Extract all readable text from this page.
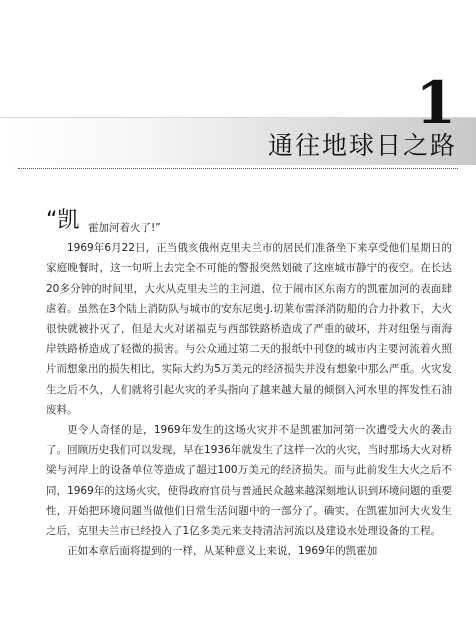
1
通往地球日之路
“凯 霍加河着火了!”

1969年6月22日，正当俄亥俄州克里夫兰市的居民们准备坐下来享受他们星期日的家庭晚餐时，这一句听上去完全不可能的警报突然划破了这座城市静宁的夜空。在长达20多分钟的时间里，大火从克里夫兰的主河道、位于闹市区东南方的凯霍加河的表面肆虐着。虽然在3个陆上消防队与城市的安东尼奥·J.切莱布雷泽消防船的合力扑救下，大火很快就被扑灭了，但是大火对诺福克与西部铁路桥造成了严重的破坏，并对纽堡与南海岸铁路桥造成了轻微的损害。与公众通过第二天的报纸中刊登的城市内主要河流着火照片而想象出的损失相比，实际大约为5万美元的经济损失并没有想象中那么严重。火灾发生之后不久，人们就将引起火灾的矛头指向了越来越大量的倾倒入河水里的挥发性石油废料。

更令人奇怪的是，1969年发生的这场火灾并不是凯霍加河第一次遭受大火的袭击了。回顾历史我们可以发现，早在1936年就发生了这样一次的火灾，当时那场大火对桥梁与河岸上的设备单位等造成了超过100万美元的经济损失。而与此前发生大火之后不同，1969年的这场火灾，使得政府官员与普通民众越来越深刻地认识到环境问题的重要性，开始把环境问题当做他们日常生活问题中的一部分了。确实，在凯霍加河大火发生之后，克里夫兰市已经投入了1亿多美元来支持清洁河流以及建设水处理设备的工程。

正如本章后面将提到的一样，从某种意义上来说，1969年的凯霍加
